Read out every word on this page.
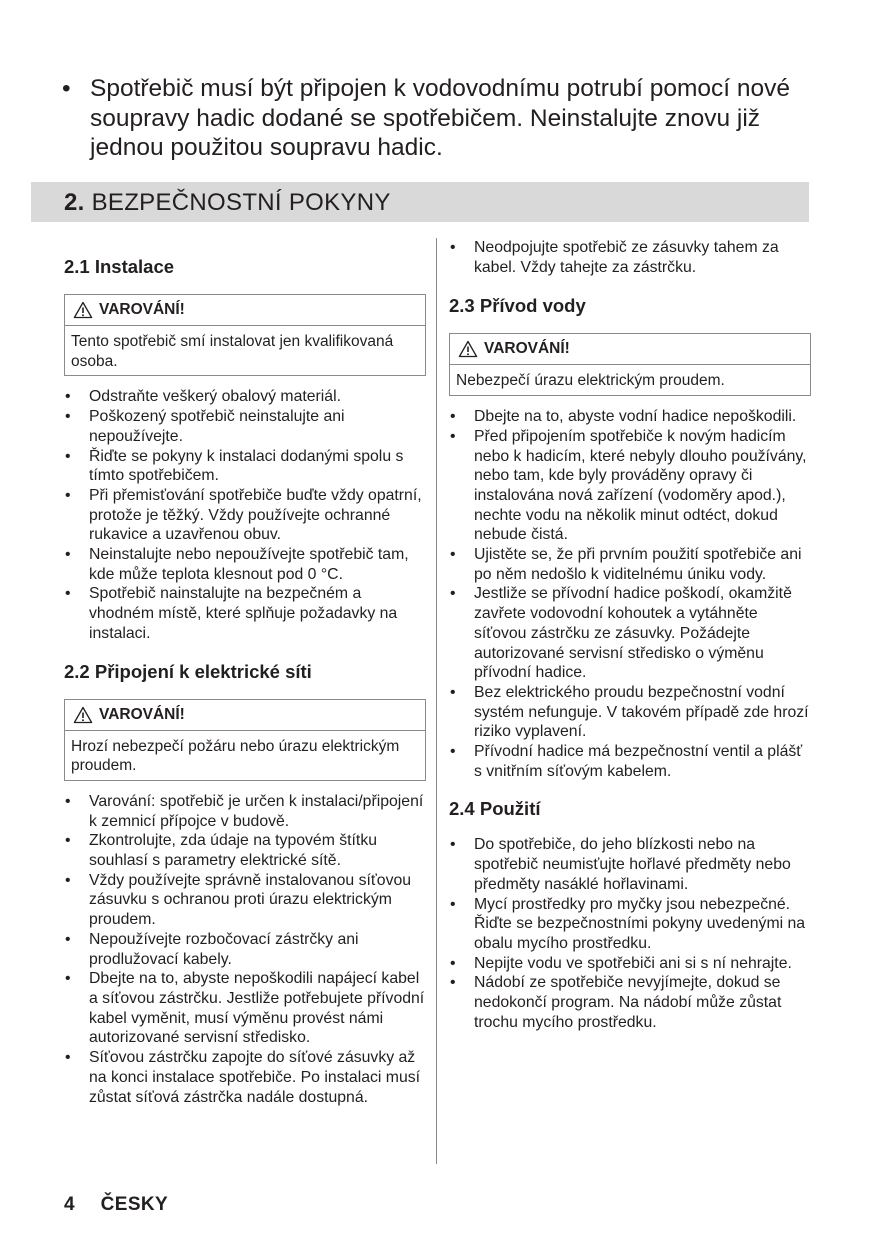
• Spotřebič musí být připojen k vodovodnímu potrubí pomocí nové soupravy hadic dodané se spotřebičem. Neinstalujte znovu již jednou použitou soupravu hadic.
2. BEZPEČNOSTNÍ POKYNY
2.1 Instalace
VAROVÁNÍ!
Tento spotřebič smí instalovat jen kvalifikovaná osoba.
• Odstraňte veškerý obalový materiál.
• Poškozený spotřebič neinstalujte ani nepoužívejte.
• Řiďte se pokyny k instalaci dodanými spolu s tímto spotřebičem.
• Při přemisťování spotřebiče buďte vždy opatrní, protože je těžký. Vždy používejte ochranné rukavice a uzavřenou obuv.
• Neinstalujte nebo nepoužívejte spotřebič tam, kde může teplota klesnout pod 0 °C.
• Spotřebič nainstalujte na bezpečném a vhodném místě, které splňuje požadavky na instalaci.
2.2 Připojení k elektrické síti
VAROVÁNÍ!
Hrozí nebezpečí požáru nebo úrazu elektrickým proudem.
• Varování: spotřebič je určen k instalaci/připojení k zemnicí přípojce v budově.
• Zkontrolujte, zda údaje na typovém štítku souhlasí s parametry elektrické sítě.
• Vždy používejte správně instalovanou síťovou zásuvku s ochranou proti úrazu elektrickým proudem.
• Nepoužívejte rozbočovací zástrčky ani prodlužovací kabely.
• Dbejte na to, abyste nepoškodili napájecí kabel a síťovou zástrčku. Jestliže potřebujete přívodní kabel vyměnit, musí výměnu provést námi autorizované servisní středisko.
• Síťovou zástrčku zapojte do síťové zásuvky až na konci instalace spotřebiče. Po instalaci musí zůstat síťová zástrčka nadále dostupná.
• Neodpojujte spotřebič ze zásuvky tahem za kabel. Vždy tahejte za zástrčku.
2.3 Přívod vody
VAROVÁNÍ!
Nebezpečí úrazu elektrickým proudem.
• Dbejte na to, abyste vodní hadice nepoškodili.
• Před připojením spotřebiče k novým hadicím nebo k hadicím, které nebyly dlouho používány, nebo tam, kde byly prováděny opravy či instalována nová zařízení (vodoměry apod.), nechte vodu na několik minut odtéct, dokud nebude čistá.
• Ujistěte se, že při prvním použití spotřebiče ani po něm nedošlo k viditelnému úniku vody.
• Jestliže se přívodní hadice poškodí, okamžitě zavřete vodovodní kohoutek a vytáhněte síťovou zástrčku ze zásuvky. Požádejte autorizované servisní středisko o výměnu přívodní hadice.
• Bez elektrického proudu bezpečnostní vodní systém nefunguje. V takovém případě zde hrozí riziko vyplavení.
• Přívodní hadice má bezpečnostní ventil a plášť s vnitřním síťovým kabelem.
2.4 Použití
• Do spotřebiče, do jeho blízkosti nebo na spotřebič neumisťujte hořlavé předměty nebo předměty nasáklé hořlavinami.
• Mycí prostředky pro myčky jsou nebezpečné. Řiďte se bezpečnostními pokyny uvedenými na obalu mycího prostředku.
• Nepijte vodu ve spotřebiči ani si s ní nehrajte.
• Nádobí ze spotřebiče nevyjímejte, dokud se nedokončí program. Na nádobí může zůstat trochu mycího prostředku.
4 ČESKY
